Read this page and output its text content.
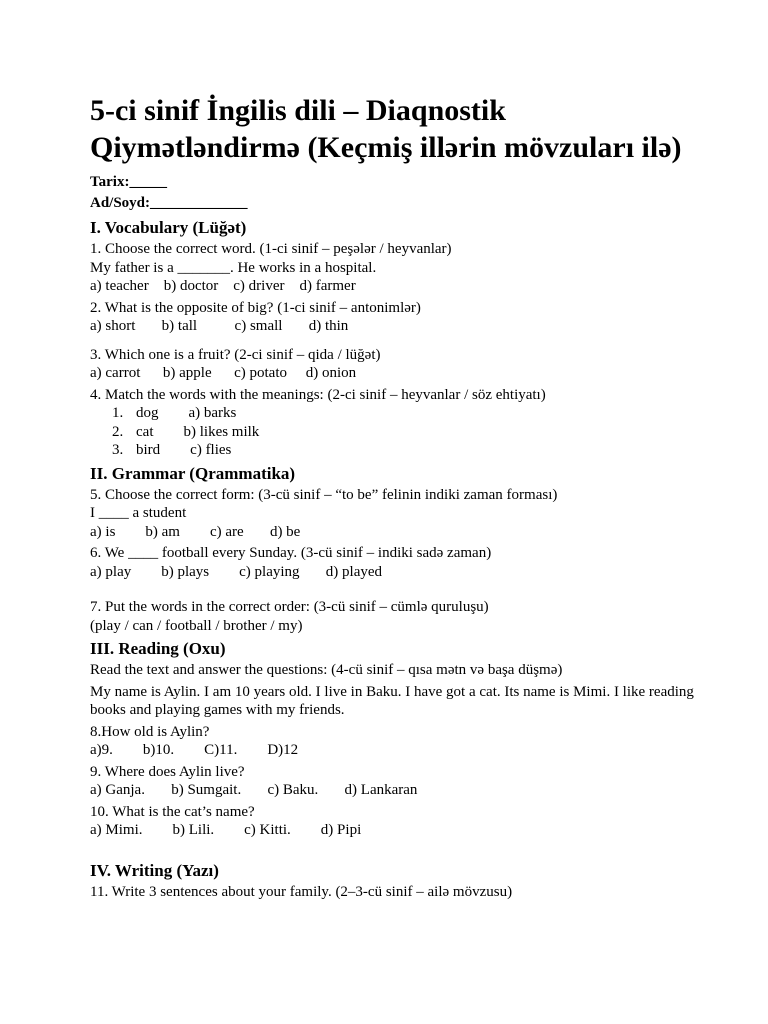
5-ci sinif İngilis dili – Diaqnostik Qiymətləndirmə (Keçmiş illərin mövzuları ilə)
Tarix:_____
Ad/Soyd:_____________
I. Vocabulary (Lüğət)
1. Choose the correct word. (1-ci sinif – peşələr / heyvanlar)
My father is a _______. He works in a hospital.
a) teacher    b) doctor    c) driver    d) farmer
2. What is the opposite of big? (1-ci sinif – antonimlər)
a) short       b) tall          c) small       d) thin
3. Which one is a fruit? (2-ci sinif – qida / lüğət)
a) carrot      b) apple      c) potato     d) onion
4. Match the words with the meanings: (2-ci sinif – heyvanlar / söz ehtiyatı)
1. dog        a) barks
2. cat        b) likes milk
3. bird        c) flies
II. Grammar (Qrammatika)
5. Choose the correct form: (3-cü sinif – “to be” felinin indiki zaman forması)
I ____ a student
a) is        b) am        c) are       d) be
6. We ____ football every Sunday. (3-cü sinif – indiki sadə zaman)
a) play        b) plays        c) playing       d) played
7. Put the words in the correct order: (3-cü sinif – cümlə quruluşu)
(play / can / football / brother / my)
III. Reading (Oxu)
Read the text and answer the questions: (4-cü sinif – qısa mətn və başa düşmə)
My name is Aylin. I am 10 years old. I live in Baku. I have got a cat. Its name is Mimi. I like reading books and playing games with my friends.
8.How old is Aylin?
a)9.        b)10.        C)11.        D)12
9. Where does Aylin live?
a) Ganja.       b) Sumgait.       c) Baku.       d) Lankaran
10. What is the cat’s name?
a) Mimi.        b) Lili.        c) Kitti.        d) Pipi
IV. Writing (Yazı)
11. Write 3 sentences about your family. (2–3-cü sinif – ailə mövzusu)
